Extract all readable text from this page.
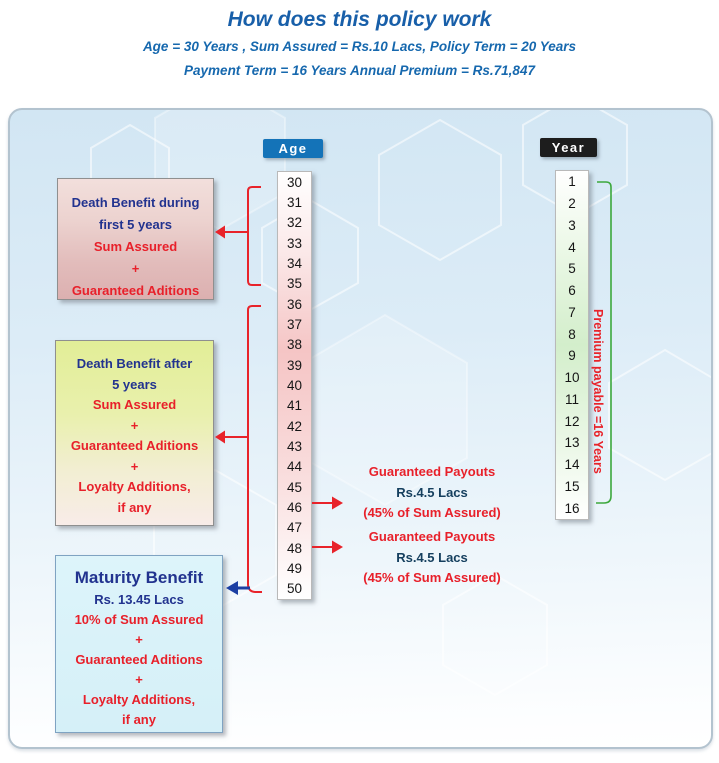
How does this policy work
Age = 30 Years , Sum Assured = Rs.10 Lacs, Policy Term = 20 Years
Payment Term = 16 Years Annual Premium = Rs.71,847
Age
30
31
32
33
34
35
36
37
38
39
40
41
42
43
44
45
46
47
48
49
50
Year
1
2
3
4
5
6
7
8
9
10
11
12
13
14
15
16
Death Benefit during
first 5 years
Sum Assured
+
Guaranteed Aditions
Death Benefit after
5 years
Sum Assured
+
Guaranteed Aditions
+
Loyalty Additions,
if any
Maturity Benefit
Rs. 13.45 Lacs
10% of Sum Assured
+
Guaranteed Aditions
+
Loyalty Additions,
if any
Guaranteed Payouts
Rs.4.5 Lacs
(45% of Sum Assured)
Guaranteed Payouts
Rs.4.5 Lacs
(45% of Sum Assured)
Premium payable =16 Years
